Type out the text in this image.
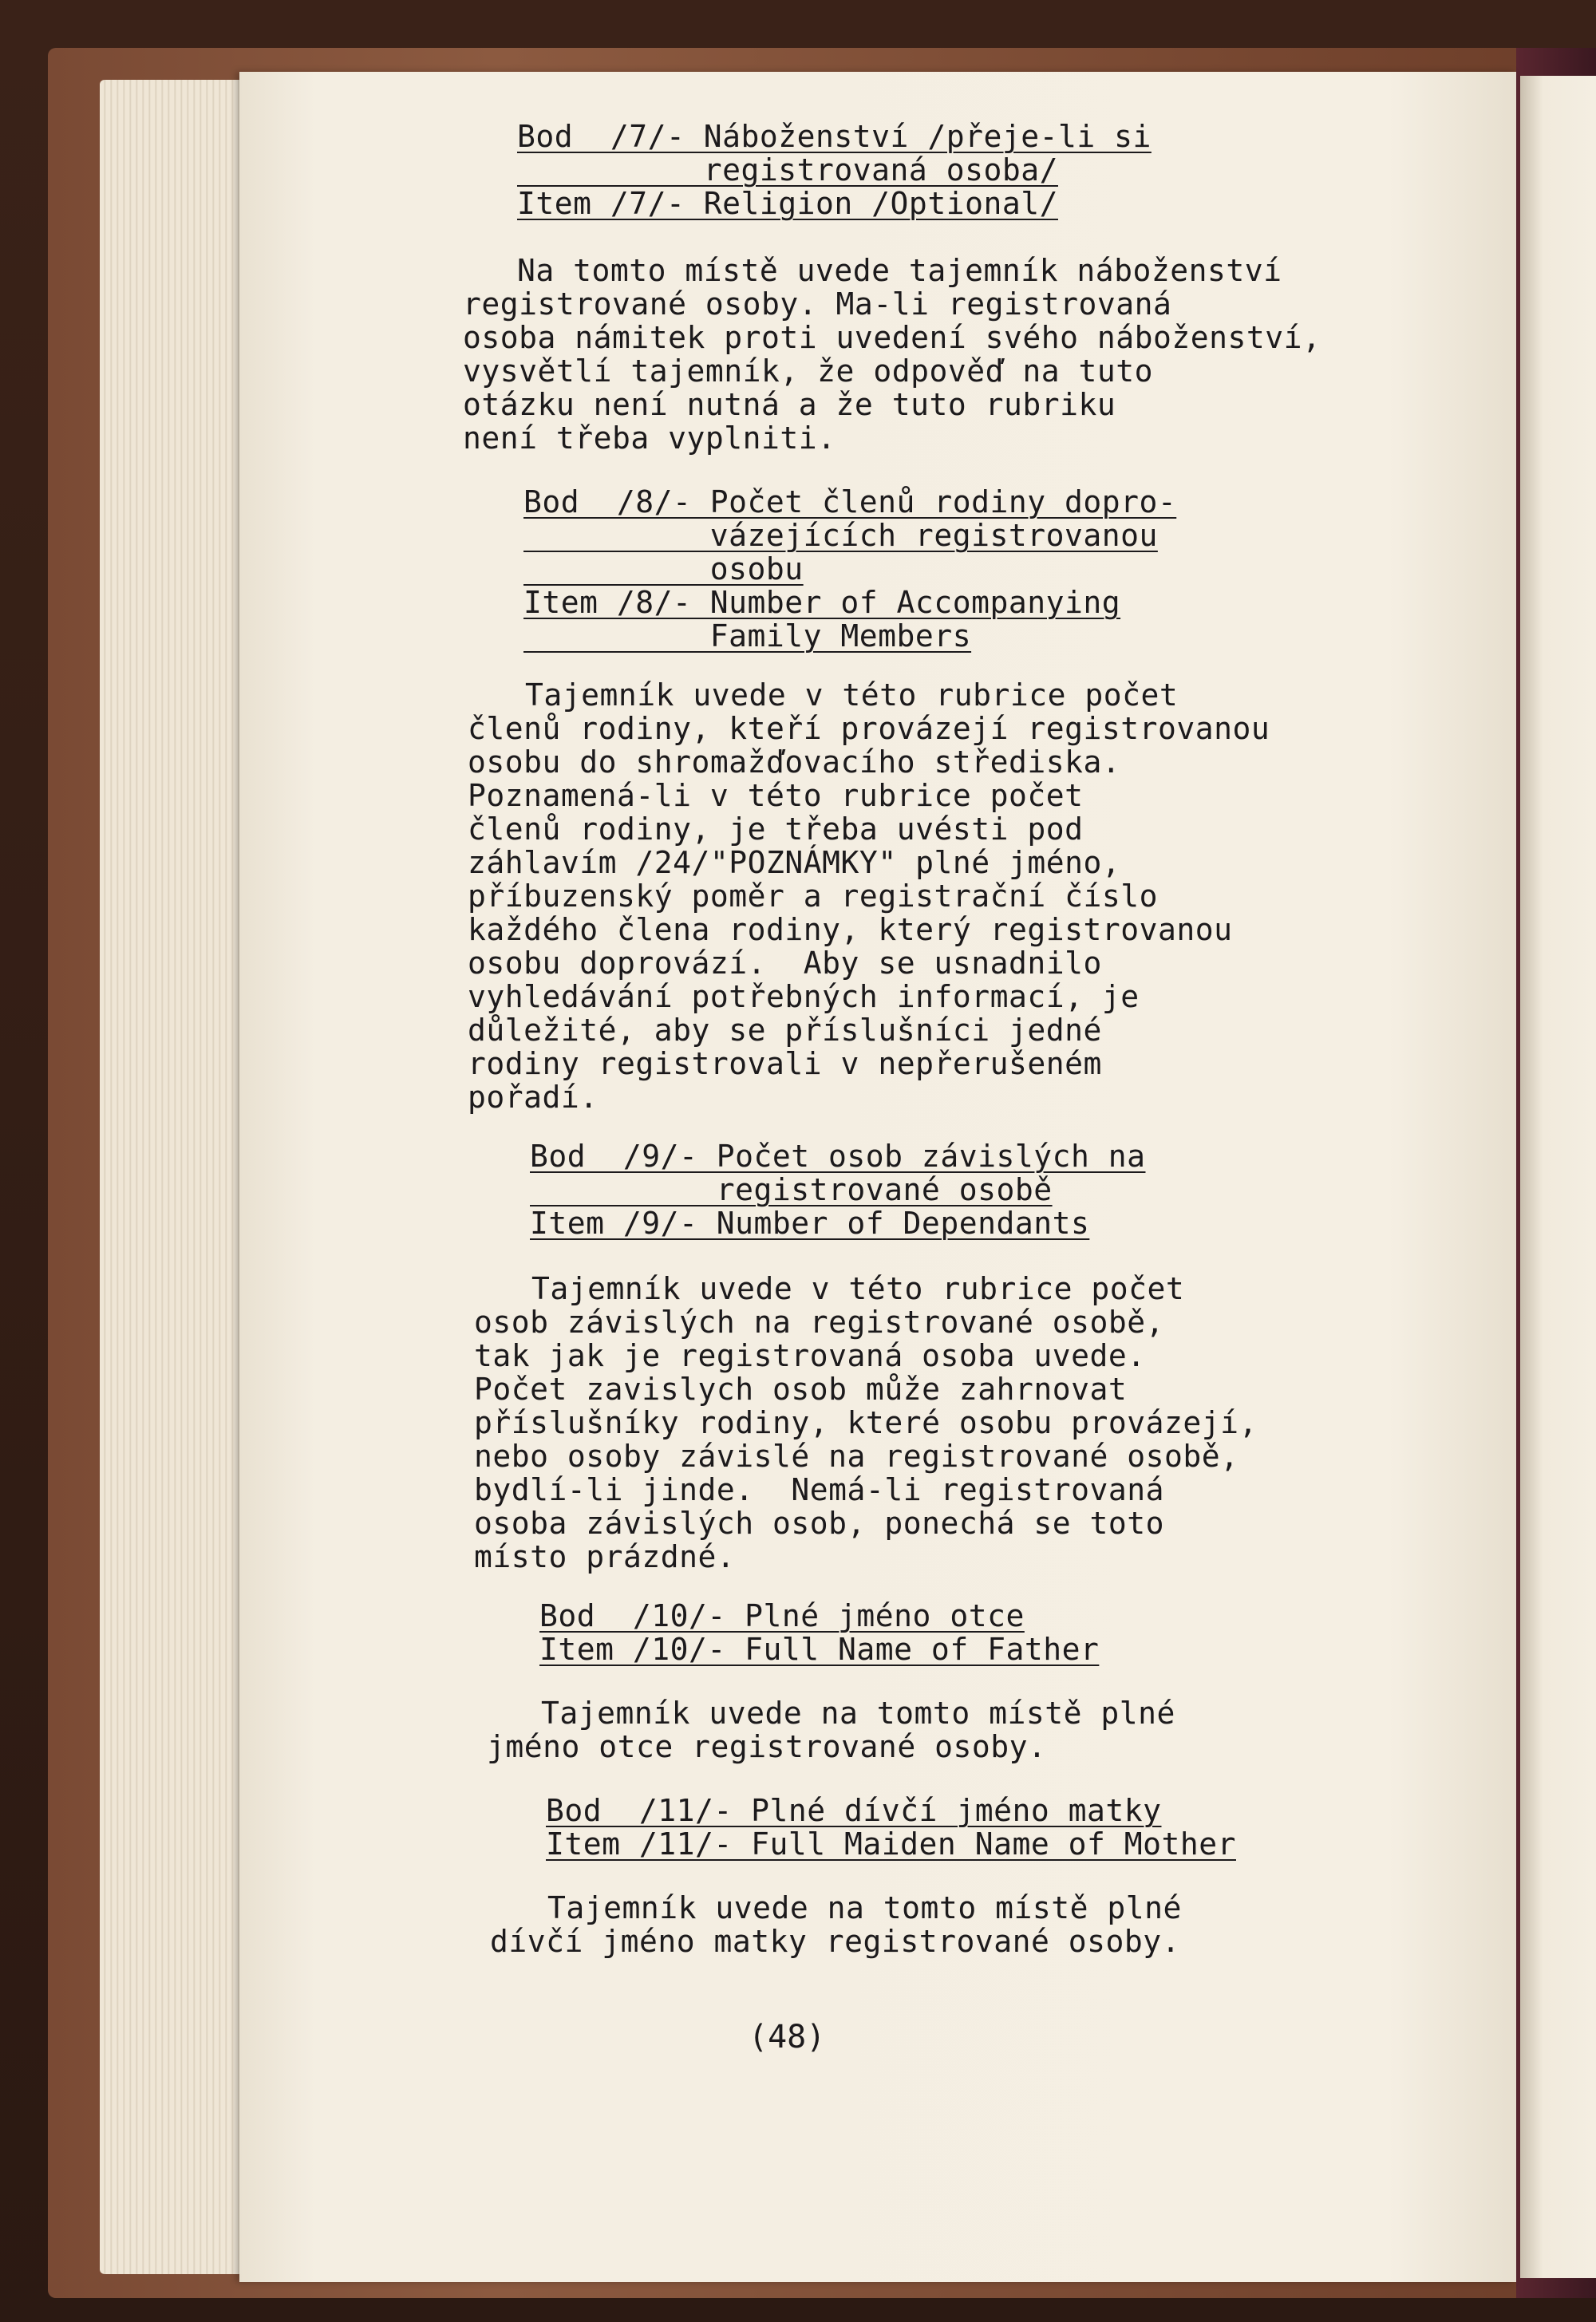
Bod  /7/- Náboženství /přeje-li si
registrovaná osoba/
Item /7/- Religion /Optional/
Na tomto místě uvede tajemník náboženství
registrované osoby. Ma-li registrovaná
osoba námitek proti uvedení svého náboženství,
vysvětlí tajemník, že odpověď na tuto
otázku není nutná a že tuto rubriku
není třeba vyplniti.
Bod  /8/- Počet členů rodiny dopro-
vázejících registrovanou
osobu
Item /8/- Number of Accompanying
Family Members
Tajemník uvede v této rubrice počet
členů rodiny, kteří provázejí registrovanou
osobu do shromažďovacího střediska.
Poznamená-li v této rubrice počet
členů rodiny, je třeba uvésti pod
záhlavím /24/"POZNÁMKY" plné jméno,
příbuzenský poměr a registrační číslo
každého člena rodiny, který registrovanou
osobu doprovází.  Aby se usnadnilo
vyhledávání potřebných informací, je
důležité, aby se příslušníci jedné
rodiny registrovali v nepřerušeném
pořadí.
Bod  /9/- Počet osob závislých na
registrované osobě
Item /9/- Number of Dependants
Tajemník uvede v této rubrice počet
osob závislých na registrované osobě,
tak jak je registrovaná osoba uvede.
Počet zavislych osob může zahrnovat
příslušníky rodiny, které osobu provázejí,
nebo osoby závislé na registrované osobě,
bydlí-li jinde.  Nemá-li registrovaná
osoba závislých osob, ponechá se toto
místo prázdné.
Bod  /10/- Plné jméno otce
Item /10/- Full Name of Father
Tajemník uvede na tomto místě plné
jméno otce registrované osoby.
Bod  /11/- Plné dívčí jméno matky
Item /11/- Full Maiden Name of Mother
Tajemník uvede na tomto místě plné
dívčí jméno matky registrované osoby.
(48)
